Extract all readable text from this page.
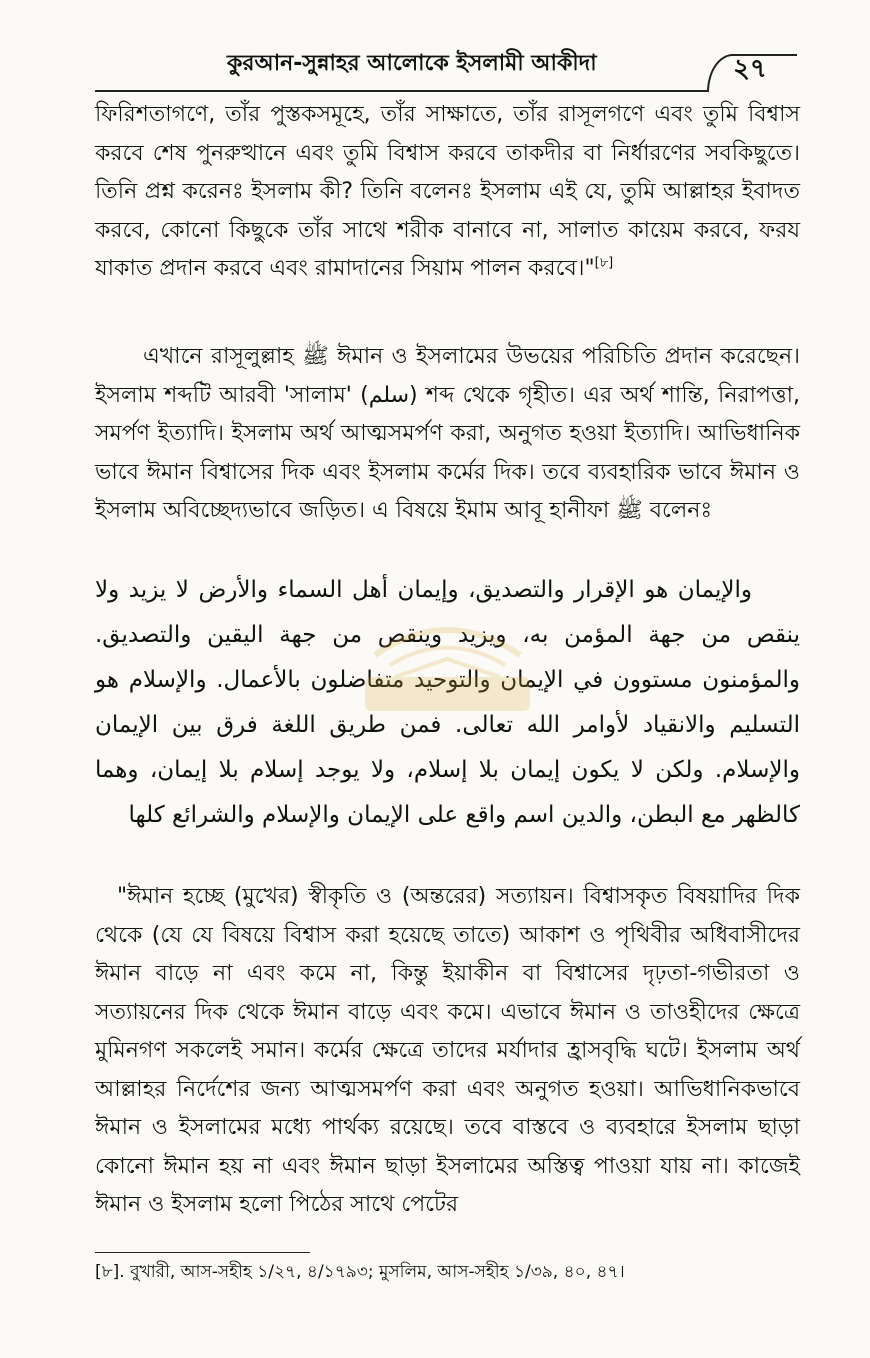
কুরআন-সুন্নাহর আলোকে ইসলামী আকীদা	২৭
ফিরিশতাগণে, তাঁর পুস্তকসমূহে, তাঁর সাক্ষাতে, তাঁর রাসূলগণে এবং তুমি বিশ্বাস করবে শেষ পুনরুত্থানে এবং তুমি বিশ্বাস করবে তাকদীর বা নির্ধারণের সবকিছুতে। তিনি প্রশ্ন করেনঃ ইসলাম কী? তিনি বলেনঃ ইসলাম এই যে, তুমি আল্লাহর ইবাদত করবে, কোনো কিছুকে তাঁর সাথে শরীক বানাবে না, সালাত কায়েম করবে, ফরয যাকাত প্রদান করবে এবং রামাদানের সিয়াম পালন করবে।"[৮]
এখানে রাসূলুল্লাহ ﷺ ঈমান ও ইসলামের উভয়ের পরিচিতি প্রদান করেছেন। ইসলাম শব্দটি আরবী 'সালাম' (سلم) শব্দ থেকে গৃহীত। এর অর্থ শান্তি, নিরাপত্তা, সমর্পণ ইত্যাদি। ইসলাম অর্থ আত্মসমর্পণ করা, অনুগত হওয়া ইত্যাদি। আভিধানিক ভাবে ঈমান বিশ্বাসের দিক এবং ইসলাম কর্মের দিক। তবে ব্যবহারিক ভাবে ঈমান ও ইসলাম অবিচ্ছেদ্যভাবে জড়িত। এ বিষয়ে ইমাম আবূ হানীফা ﷺ বলেনঃ
والإيمان هو الإقرار والتصديق، وإيمان أهل السماء والأرض لا يزيد ولا ينقص من جهة المؤمن به، ويزيد وينقص من جهة اليقين والتصديق. والمؤمنون مستوون في الإيمان والتوحيد متفاضلون بالأعمال. والإسلام هو التسليم والانقياد لأوامر الله تعالى. فمن طريق اللغة فرق بين الإيمان والإسلام. ولكن لا يكون إيمان بلا إسلام، ولا يوجد إسلام بلا إيمان، وهما كالظهر مع البطن، والدين اسم واقع على الإيمان والإسلام والشرائع كلها
"ঈমান হচ্ছে (মুখের) স্বীকৃতি ও (অন্তরের) সত্যায়ন। বিশ্বাসকৃত বিষয়াদির দিক থেকে (যে যে বিষয়ে বিশ্বাস করা হয়েছে তাতে) আকাশ ও পৃথিবীর অধিবাসীদের ঈমান বাড়ে না এবং কমে না, কিন্তু ইয়াকীন বা বিশ্বাসের দৃঢ়তা-গভীরতা ও সত্যায়নের দিক থেকে ঈমান বাড়ে এবং কমে। এভাবে ঈমান ও তাওহীদের ক্ষেত্রে মুমিনগণ সকলেই সমান। কর্মের ক্ষেত্রে তাদের মর্যাদার হ্রাসবৃদ্ধি ঘটে। ইসলাম অর্থ আল্লাহর নির্দেশের জন্য আত্মসমর্পণ করা এবং অনুগত হওয়া। আভিধানিকভাবে ঈমান ও ইসলামের মধ্যে পার্থক্য রয়েছে। তবে বাস্তবে ও ব্যবহারে ইসলাম ছাড়া কোনো ঈমান হয় না এবং ঈমান ছাড়া ইসলামের অস্তিত্ব পাওয়া যায় না। কাজেই ঈমান ও ইসলাম হলো পিঠের সাথে পেটের
[৮]. বুখারী, আস-সহীহ ১/২৭, ৪/১৭৯৩; মুসলিম, আস-সহীহ ১/৩৯, ৪০, ৪৭।
